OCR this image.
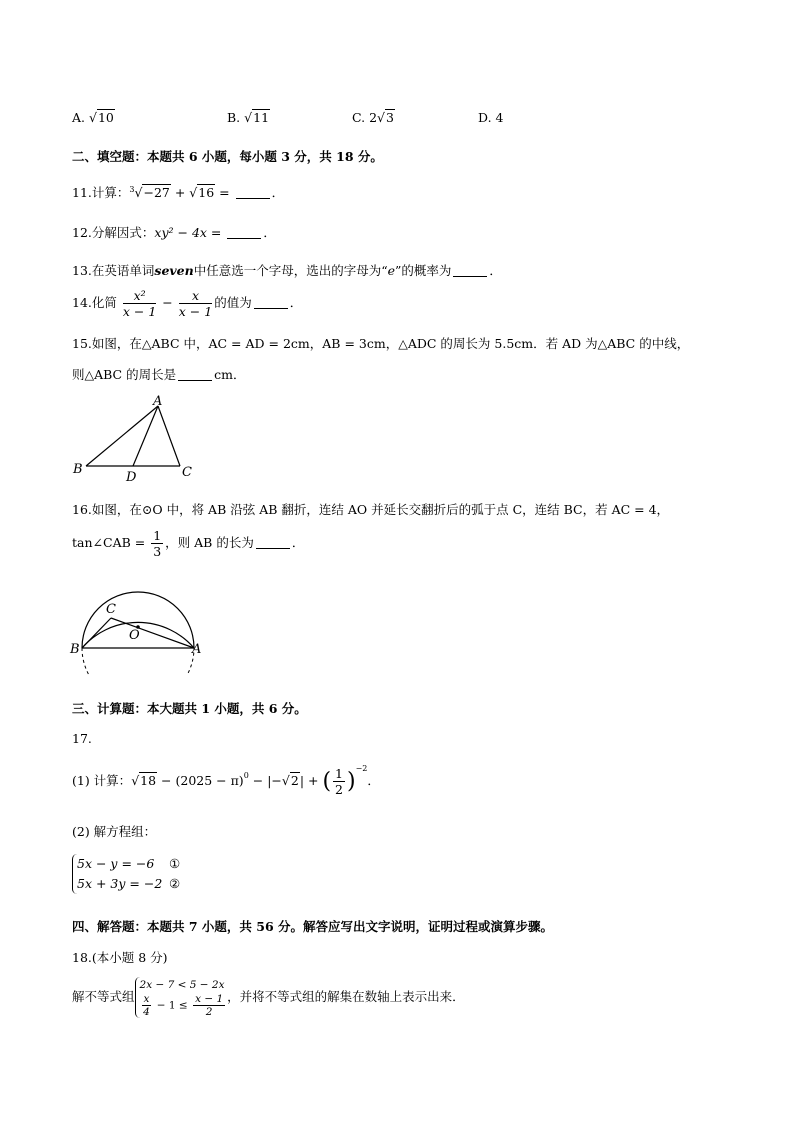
A. √10	B. √11	C. 2√3	D. 4
二、填空题：本题共 6 小题，每小题 3 分，共 18 分。
11.计算：$^3$√−27 + √16 =	．
12.分解因式：xy² − 4x =	．
13.在英语单词seven中任意选一个字母，选出的字母为“e”的概率为	．
14.化简 $\frac{\text{x²}}{x - 1} - \frac{x}{x - 1}$ 的值为	．
15.如图，在△ABC 中，AC = AD = 2cm，AB = 3cm，△ADC 的周长为 5.5cm．若 AD 为△ABC 的中线，
则△ABC 的周长是	cm．
A
B	C
D
16.如图，在⊙O 中，将 AB 沿弦 AB 翻折，连结 AO 并延长交翻折后的弧于点 C，连结 BC，若 AC = 4，
tan∠CAB = $\frac{1}{3}$ ，则 AB 的长为	．
C
O
B	A
三、计算题：本大题共 1 小题，共 6 分。
17.
(1) 计算：$√18 - (2025 - \pi)^0 - |-√2|$ + ( $\frac{1}{2} )^{-2}$．
(2) 解方程组：
5x − y = −6 ①
5x + 3y = −2 ②
四、解答题：本题共 7 小题，共 56 分。解答应写出文字说明，证明过程或演算步骤。
18.(本小题 8 分)
解不等式组
2x − 7 < 5 − 2x
$\frac{x}{4} - 1 \le \frac{x - 1}{2}$ ，并将不等式组的解集在数轴上表示出来．
